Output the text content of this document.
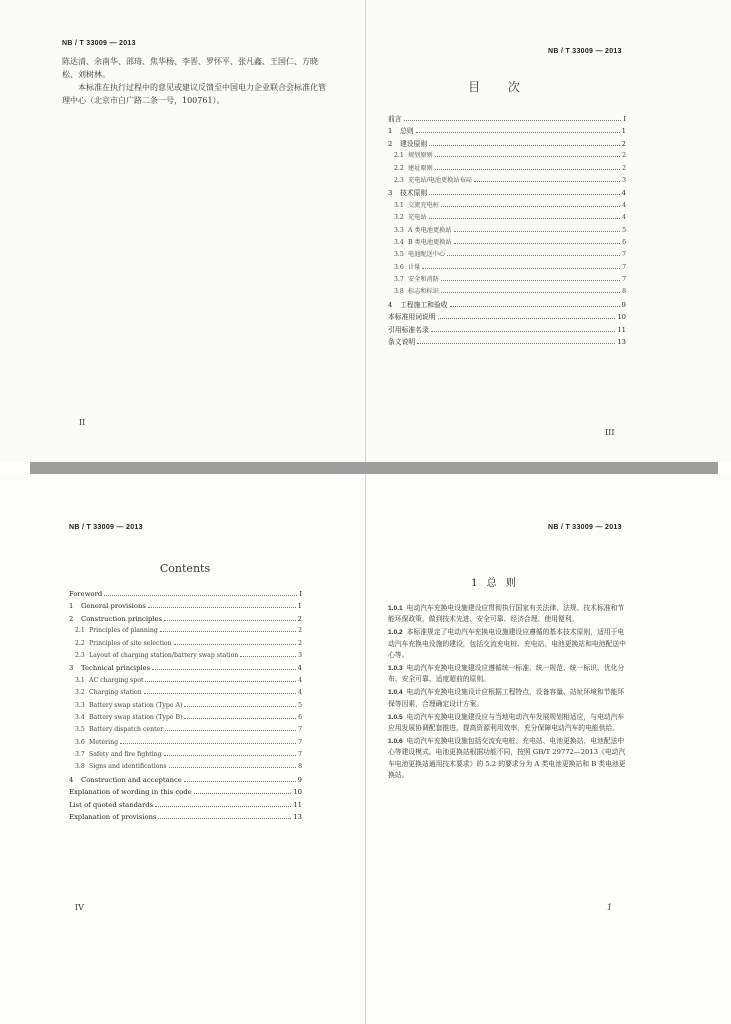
NB / T 33009 — 2013
陈达清、余南华、邵琦、焦华杨、李晋、罗怀平、张凡鑫、王国仁、方晓松、刘树林。
本标准在执行过程中的意见或建议反馈至中国电力企业联合会标准化管理中心（北京市白广路二条一号，100761）。
II
NB / T 33009 — 2013
目 次
前言	I
1 总则	1
2 建设原则	2
2.1 规划原则	2
2.2 建址原则	2
2.3 充电站/电池更换站布局	3
3 技术原则	4
3.1 交流充电桩	4
3.2 充电站	4
3.3 A 类电池更换站	5
3.4 B 类电池更换站	6
3.5 电池配送中心	7
3.6 计量	7
3.7 安全和消防	7
3.8 标志和标识	8
4 工程施工和验收	9
本标准用词说明	10
引用标准名录	11
条文说明	13
III
NB / T 33009 — 2013
Contents
Foreword	I
1 General provisions	1
2 Construction principles	2
2.1 Principles of planning	2
2.2 Principles of site selection	2
2.3 Layout of charging station/battery swap station	3
3 Technical principles	4
3.1 AC charging spot	4
3.2 Charging station	4
3.3 Battery swap station (Type A)	5
3.4 Battery swap station (Type B)	6
3.5 Battery dispatch center	7
3.6 Metering	7
3.7 Safety and fire fighting	7
3.8 Signs and identifications	8
4 Construction and acceptance	9
Explanation of wording in this code	10
List of quoted standards	11
Explanation of provisions	13
IV
NB / T 33009 — 2013
1 总 则
1.0.1 电动汽车充换电设施建设应贯彻执行国家有关法律、法规、技术标准和节能环保政策，做到技术先进、安全可靠、经济合理、使用便利。
1.0.2 本标准规定了电动汽车充换电设施建设应遵循的基本技术原则，适用于电动汽车充换电设施的建设，包括交流充电桩、充电站、电池更换站和电池配送中心等。
1.0.3 电动汽车充换电设施建设应遵循统一标准、统一规范、统一标识、优化分布、安全可靠、适度超前的原则。
1.0.4 电动汽车充换电设施设计应根据工程特点、设备容量、站址环境和节能环保等因素，合理确定设计方案。
1.0.5 电动汽车充换电设施建设应与当地电动汽车发展规划相适应，与电动汽车应用发展协调配套推进，提高资源利用效率，充分保障电动汽车的电能供给。
1.0.6 电动汽车充换电设施包括交流充电桩、充电站、电池更换站、电池配送中心等建设模式。电池更换站根据功能不同，按照 GB/T 29772—2013《电动汽车电池更换站通用技术要求》的 5.2 的要求分为 A 类电池更换站和 B 类电池更换站。
1
